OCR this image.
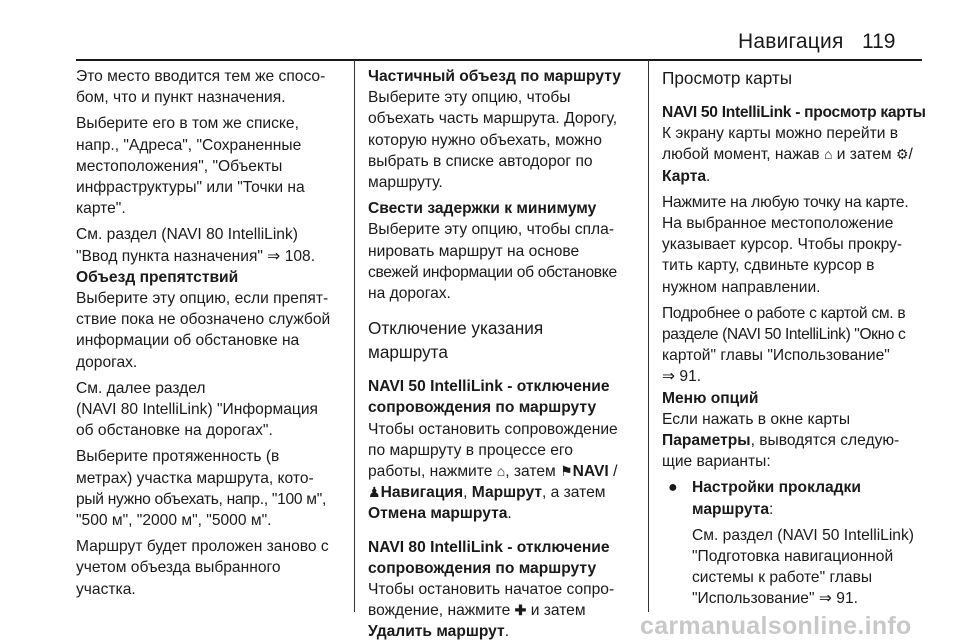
Навигация 119
Это место вводится тем же спосо-
бом, что и пункт назначения.
Выберите его в том же списке,
напр., "Адреса", "Сохраненные
местоположения", "Объекты
инфраструктуры" или "Точки на
карте".
См. раздел (NAVI 80 IntelliLink)
"Ввод пункта назначения" ⇒ 108.
Объезд препятствий
Выберите эту опцию, если препят-
ствие пока не обозначено службой
информации об обстановке на
дорогах.
См. далее раздел
(NAVI 80 IntelliLink) "Информация
об обстановке на дорогах".
Выберите протяженность (в
метрах) участка маршрута, кото-
рый нужно объехать, напр., "100 м",
"500 м", "2000 м", "5000 м".
Маршрут будет проложен заново с
учетом объезда выбранного
участка.
Частичный объезд по маршруту
Выберите эту опцию, чтобы
объехать часть маршрута. Дорогу,
которую нужно объехать, можно
выбрать в списке автодорог по
маршруту.
Свести задержки к минимуму
Выберите эту опцию, чтобы спла-
нировать маршрут на основе
свежей информации об обстановке
на дорогах.
Отключение указания
маршрута
NAVI 50 IntelliLink - отключение
сопровождения по маршруту
Чтобы остановить сопровождение
по маршруту в процессе его
работы, нажмите ⌂, затем ⚑NAVI /
♟Навигация, Маршрут, а затем
Отмена маршрута.
NAVI 80 IntelliLink - отключение
сопровождения по маршруту
Чтобы остановить начатое сопро-
вождение, нажмите ✚ и затем
Удалить маршрут.
Просмотр карты
NAVI 50 IntelliLink - просмотр карты
К экрану карты можно перейти в
любой момент, нажав ⌂ и затем ⚙/
Карта.
Нажмите на любую точку на карте.
На выбранное местоположение
указывает курсор. Чтобы прокру-
тить карту, сдвиньте курсор в
нужном направлении.
Подробнее о работе с картой см. в
разделе (NAVI 50 IntelliLink) "Окно с
картой" главы "Использование"
⇒ 91.
Меню опций
Если нажать в окне карты
Параметры, выводятся следую-
щие варианты:
● Настройки прокладки
маршрута:
См. раздел (NAVI 50 IntelliLink)
"Подготовка навигационной
системы к работе" главы
"Использование" ⇒ 91.
carmanualsonline.info
